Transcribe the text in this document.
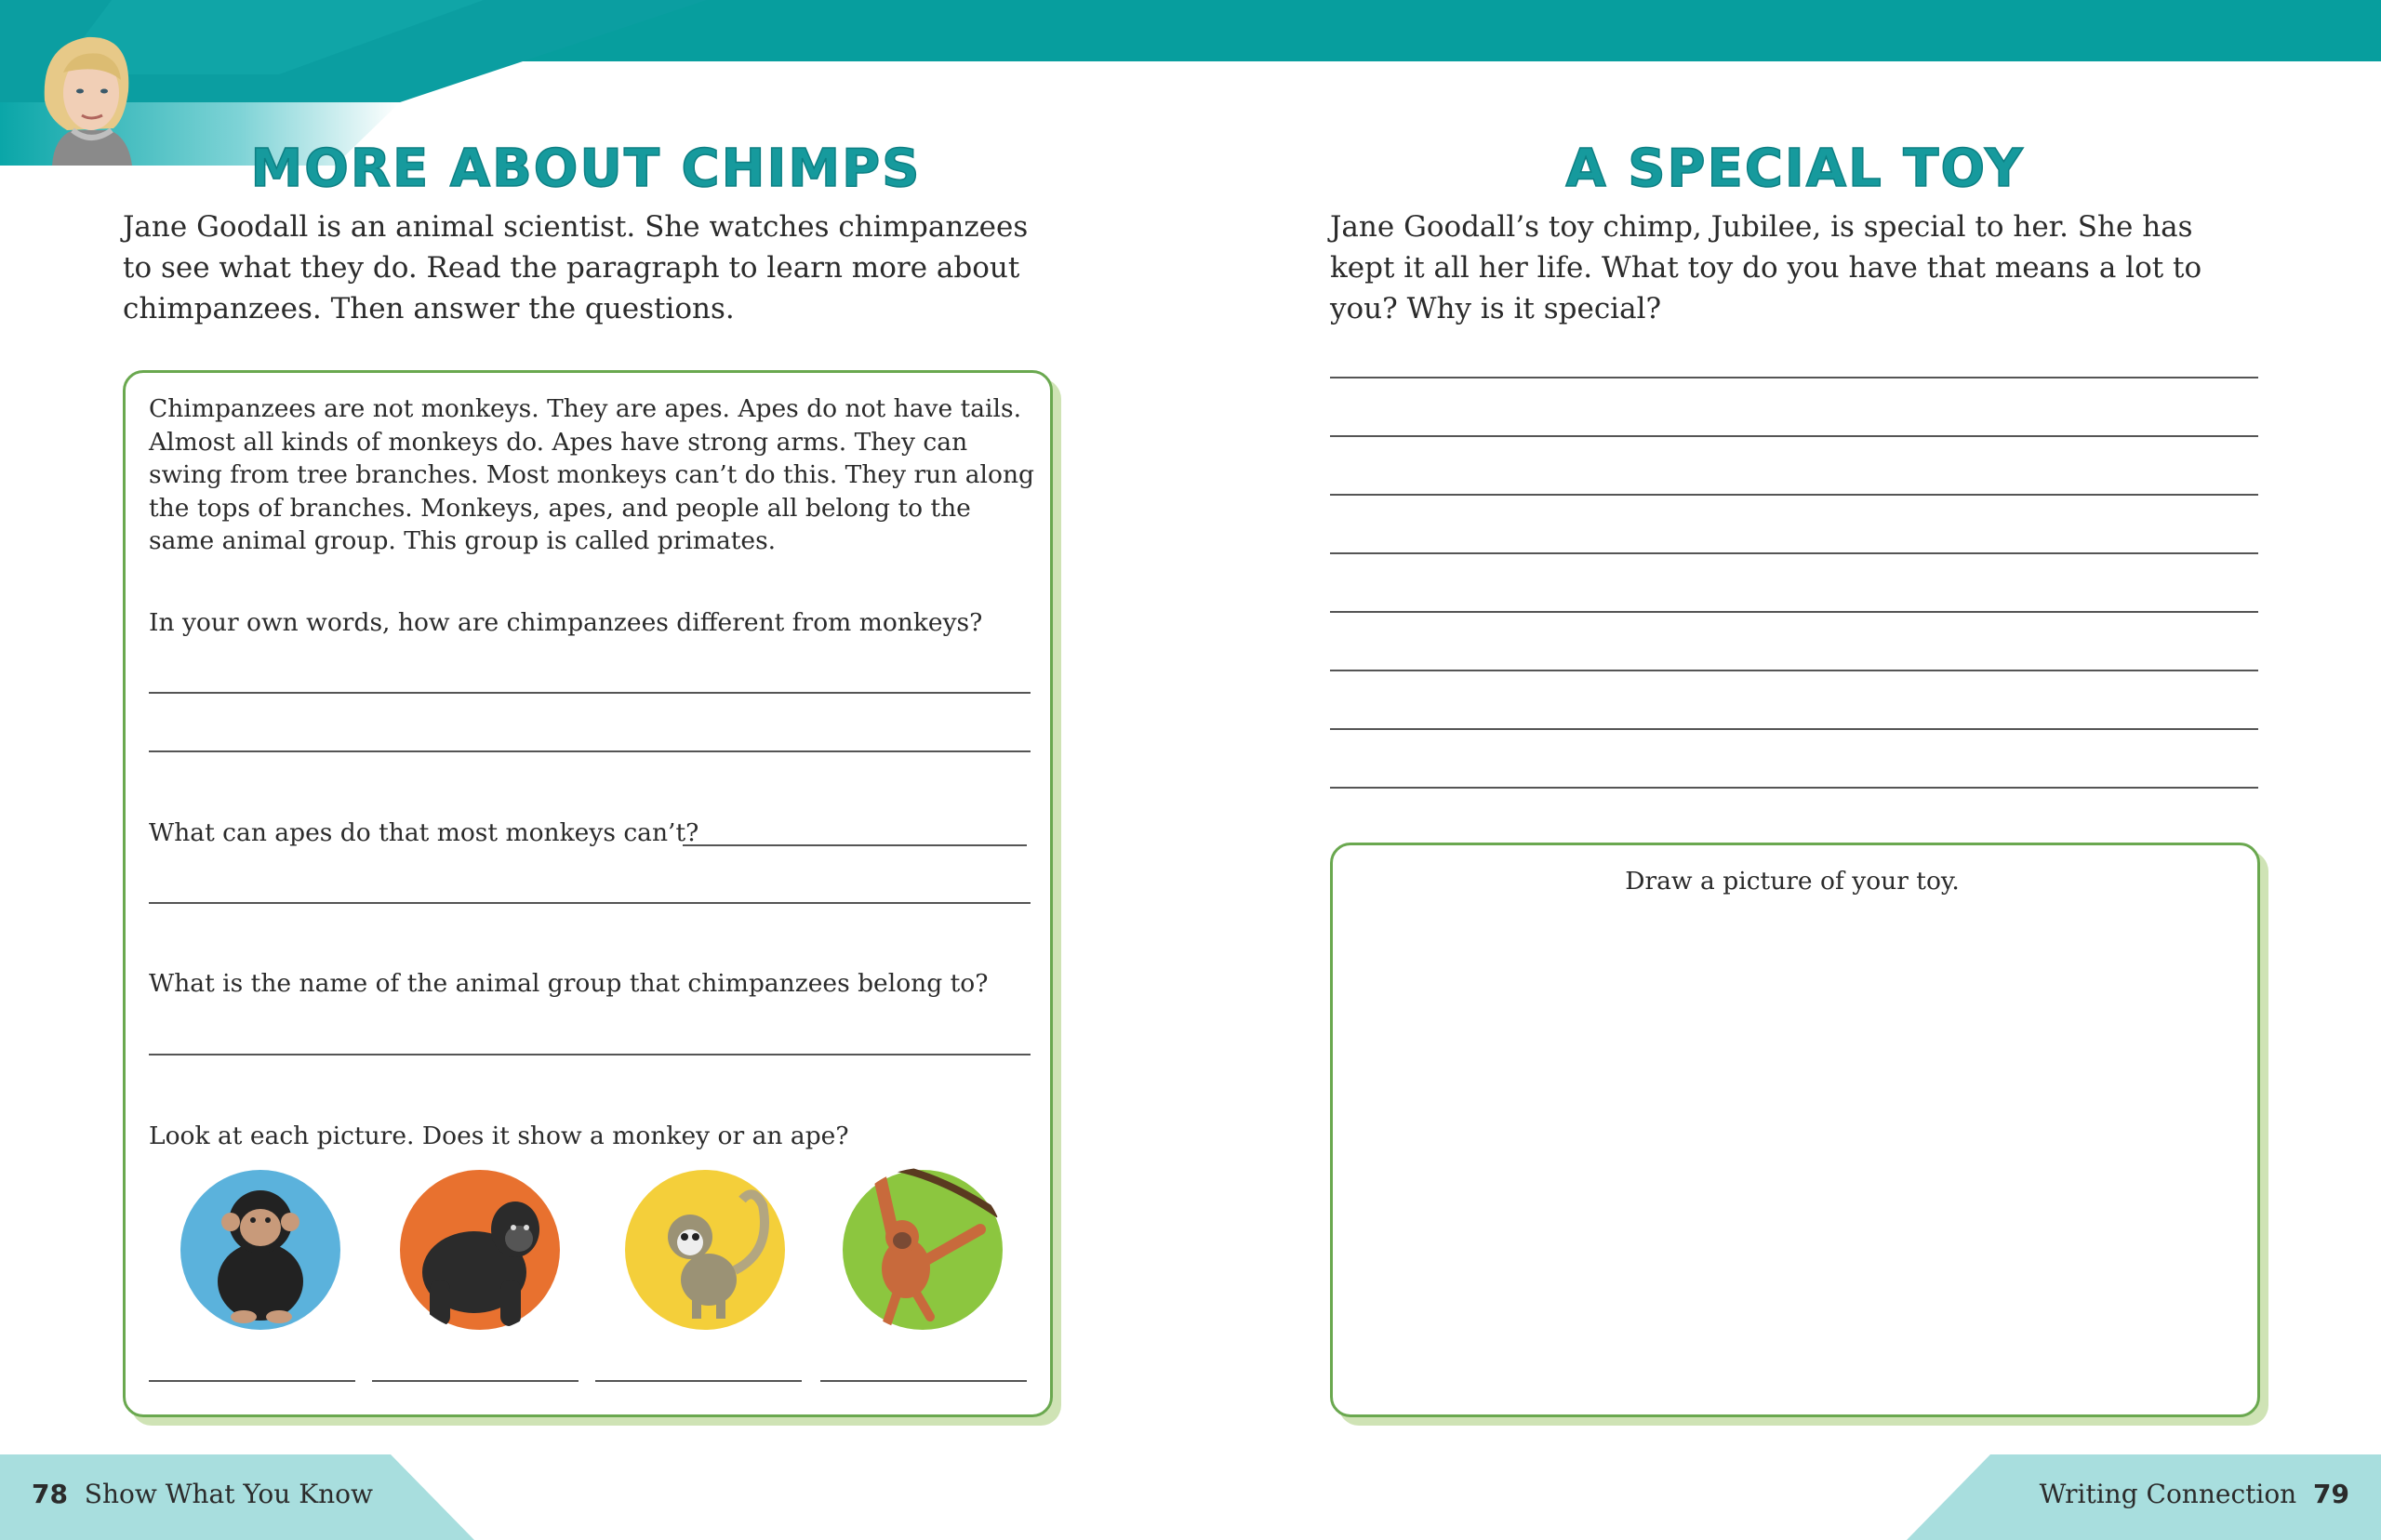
MORE ABOUT CHIMPS
Jane Goodall is an animal scientist. She watches chimpanzees to see what they do. Read the paragraph to learn more about chimpanzees. Then answer the questions.
Chimpanzees are not monkeys. They are apes. Apes do not have tails. Almost all kinds of monkeys do. Apes have strong arms. They can swing from tree branches. Most monkeys can’t do this. They run along the tops of branches. Monkeys, apes, and people all belong to the same animal group. This group is called primates.
In your own words, how are chimpanzees different from monkeys?
What can apes do that most monkeys can’t?
What is the name of the animal group that chimpanzees belong to?
Look at each picture. Does it show a monkey or an ape?
A SPECIAL TOY
Jane Goodall’s toy chimp, Jubilee, is special to her. She has kept it all her life. What toy do you have that means a lot to you? Why is it special?
Draw a picture of your toy.
78 Show What You Know	Writing Connection 79
